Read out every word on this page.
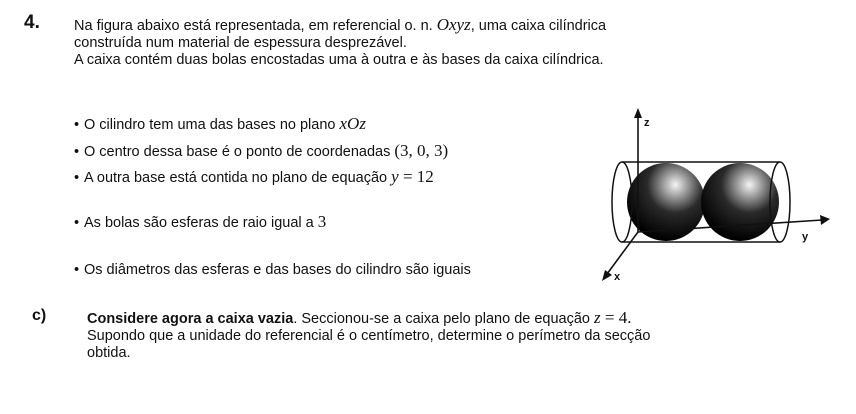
4. Na figura abaixo está representada, em referencial o. n. Oxyz, uma caixa cilíndrica
construída num material de espessura desprezável.
A caixa contém duas bolas encostadas uma à outra e às bases da caixa cilíndrica.
• O cilindro tem uma das bases no plano xOz
• O centro dessa base é o ponto de coordenadas (3, 0, 3)
• A outra base está contida no plano de equação y = 12
• As bolas são esferas de raio igual a 3
• Os diâmetros das esferas e das bases do cilindro são iguais
z
y
x
c)	Considere agora a caixa vazia. Seccionou-se a caixa pelo plano de equação z = 4.
Supondo que a unidade do referencial é o centímetro, determine o perímetro da secção
obtida.
